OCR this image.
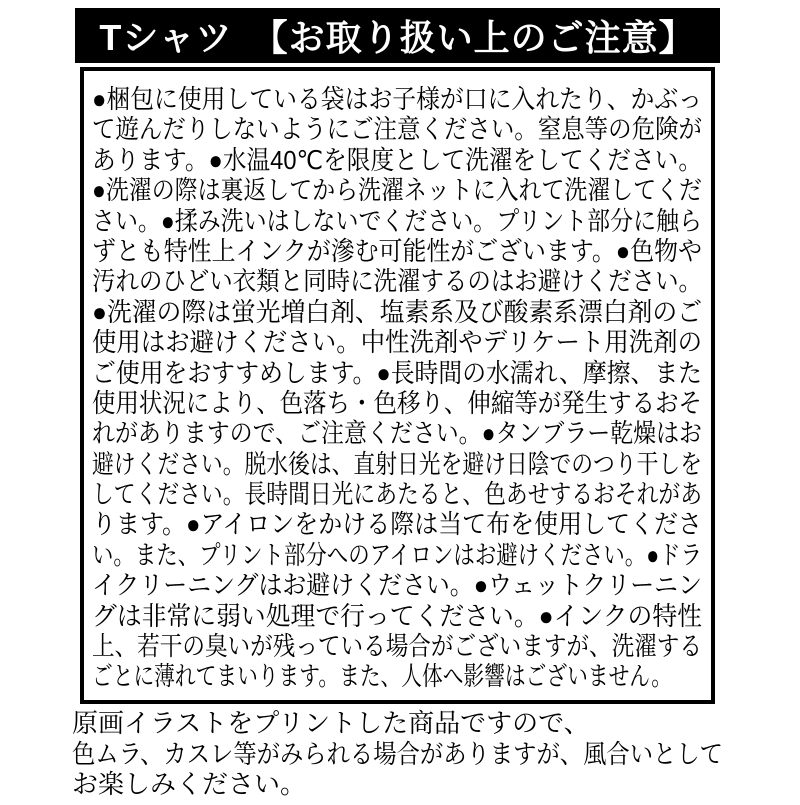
Tシャツ　【お取り扱い上のご注意】
●梱包に使用している袋はお子様が口に入れたり、かぶっ
て遊んだりしないようにご注意ください。窒息等の危険が
あります。●水温40℃を限度として洗濯をしてください。
●洗濯の際は裏返してから洗濯ネットに入れて洗濯してくだ
さい。●揉み洗いはしないでください。プリント部分に触ら
ずとも特性上インクが滲む可能性がございます。●色物や
汚れのひどい衣類と同時に洗濯するのはお避けください。
●洗濯の際は蛍光増白剤、塩素系及び酸素系漂白剤のご
使用はお避けください。中性洗剤やデリケート用洗剤の
ご使用をおすすめします。●長時間の水濡れ、摩擦、また
使用状況により、色落ち・色移り、伸縮等が発生するおそ
れがありますので、ご注意ください。●タンブラー乾燥はお
避けください。脱水後は、直射日光を避け日陰でのつり干しを
してください。長時間日光にあたると、色あせするおそれがあ
ります。●アイロンをかける際は当て布を使用してくださ
い。また、プリント部分へのアイロンはお避けください。●ドラ
イクリーニングはお避けください。●ウェットクリーニン
グは非常に弱い処理で行ってください。●インクの特性
上、若干の臭いが残っている場合がございますが、洗濯する
ごとに薄れてまいります。また、人体へ影響はございません。
原画イラストをプリントした商品ですので、
色ムラ、カスレ等がみられる場合がありますが、風合いとして
お楽しみください。
